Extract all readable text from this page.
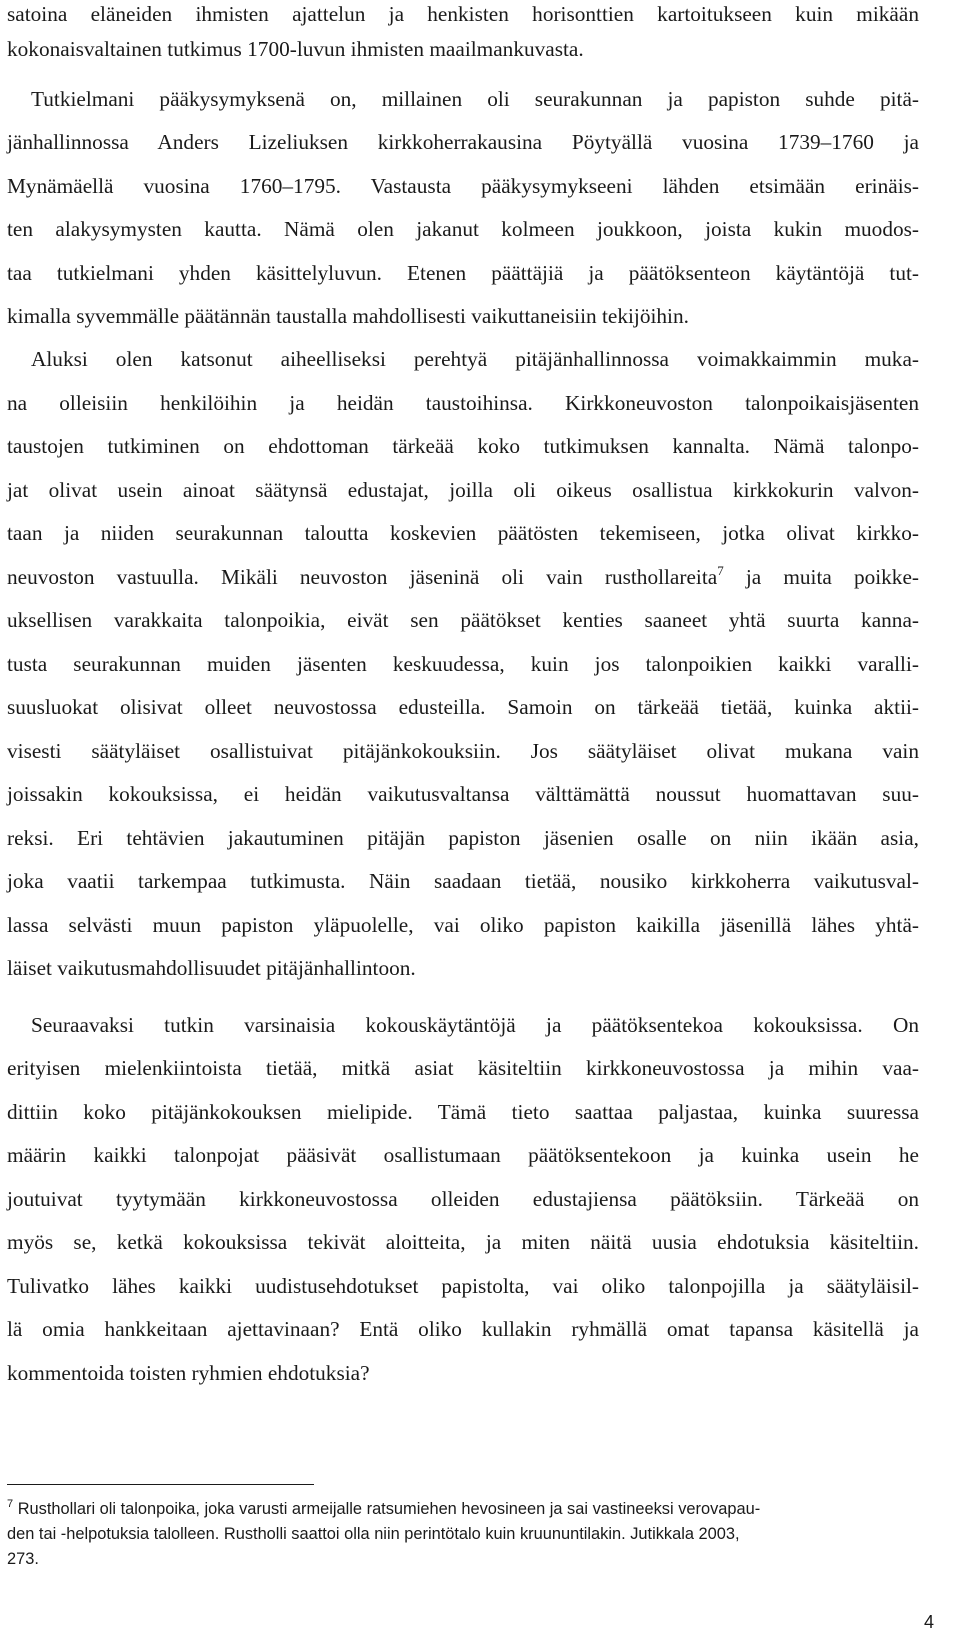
satoina eläneiden ihmisten ajattelun ja henkisten horisonttien kartoitukseen kuin mikään
kokonaisvaltainen tutkimus 1700-luvun ihmisten maailmankuvasta.
Tutkielmani pääkysymyksenä on, millainen oli seurakunnan ja papiston suhde pitä-
jänhallinnossa Anders Lizeliuksen kirkkoherrakausina Pöytyällä vuosina 1739–1760 ja
Mynämäellä vuosina 1760–1795. Vastausta pääkysymykseeni lähden etsimään erinäis-
ten alakysymysten kautta. Nämä olen jakanut kolmeen joukkoon, joista kukin muodos-
taa tutkielmani yhden käsittelyluvun. Etenen päättäjiä ja päätöksenteon käytäntöjä tut-
kimalla syvemmälle päätännän taustalla mahdollisesti vaikuttaneisiin tekijöihin.
Aluksi olen katsonut aiheelliseksi perehtyä pitäjänhallinnossa voimakkaimmin muka-
na olleisiin henkilöihin ja heidän taustoihinsa. Kirkkoneuvoston talonpoikaisjäsenten
taustojen tutkiminen on ehdottoman tärkeää koko tutkimuksen kannalta. Nämä talonpo-
jat olivat usein ainoat säätynsä edustajat, joilla oli oikeus osallistua kirkkokurin valvon-
taan ja niiden seurakunnan taloutta koskevien päätösten tekemiseen, jotka olivat kirkko-
neuvoston vastuulla. Mikäli neuvoston jäseninä oli vain rusthollareita$^7$ ja muita poikke-
uksellisen varakkaita talonpoikia, eivät sen päätökset kenties saaneet yhtä suurta kanna-
tusta seurakunnan muiden jäsenten keskuudessa, kuin jos talonpoikien kaikki varalli-
suusluokat olisivat olleet neuvostossa edusteilla. Samoin on tärkeää tietää, kuinka aktii-
visesti säätyläiset osallistuivat pitäjänkokouksiin. Jos säätyläiset olivat mukana vain
joissakin kokouksissa, ei heidän vaikutusvaltansa välttämättä noussut huomattavan suu-
reksi. Eri tehtävien jakautuminen pitäjän papiston jäsenien osalle on niin ikään asia,
joka vaatii tarkempaa tutkimusta. Näin saadaan tietää, nousiko kirkkoherra vaikutusval-
lassa selvästi muun papiston yläpuolelle, vai oliko papiston kaikilla jäsenillä lähes yhtä-
läiset vaikutusmahdollisuudet pitäjänhallintoon.
Seuraavaksi tutkin varsinaisia kokouskäytäntöjä ja päätöksentekoa kokouksissa. On
erityisen mielenkiintoista tietää, mitkä asiat käsiteltiin kirkkoneuvostossa ja mihin vaa-
dittiin koko pitäjänkokouksen mielipide. Tämä tieto saattaa paljastaa, kuinka suuressa
määrin kaikki talonpojat pääsivät osallistumaan päätöksentekoon ja kuinka usein he
joutuivat tyytymään kirkkoneuvostossa olleiden edustajiensa päätöksiin. Tärkeää on
myös se, ketkä kokouksissa tekivät aloitteita, ja miten näitä uusia ehdotuksia käsiteltiin.
Tulivatko lähes kaikki uudistusehdotukset papistolta, vai oliko talonpojilla ja säätyläisil-
lä omia hankkeitaan ajettavinaan? Entä oliko kullakin ryhmällä omat tapansa käsitellä ja
kommentoida toisten ryhmien ehdotuksia?
$^7$ Rusthollari oli talonpoika, joka varusti armeijalle ratsumiehen hevosineen ja sai vastineeksi verovapau-
den tai -helpotuksia talolleen. Rustholli saattoi olla niin perintötalo kuin kruununtilakin. Jutikkala 2003,
273.
4
